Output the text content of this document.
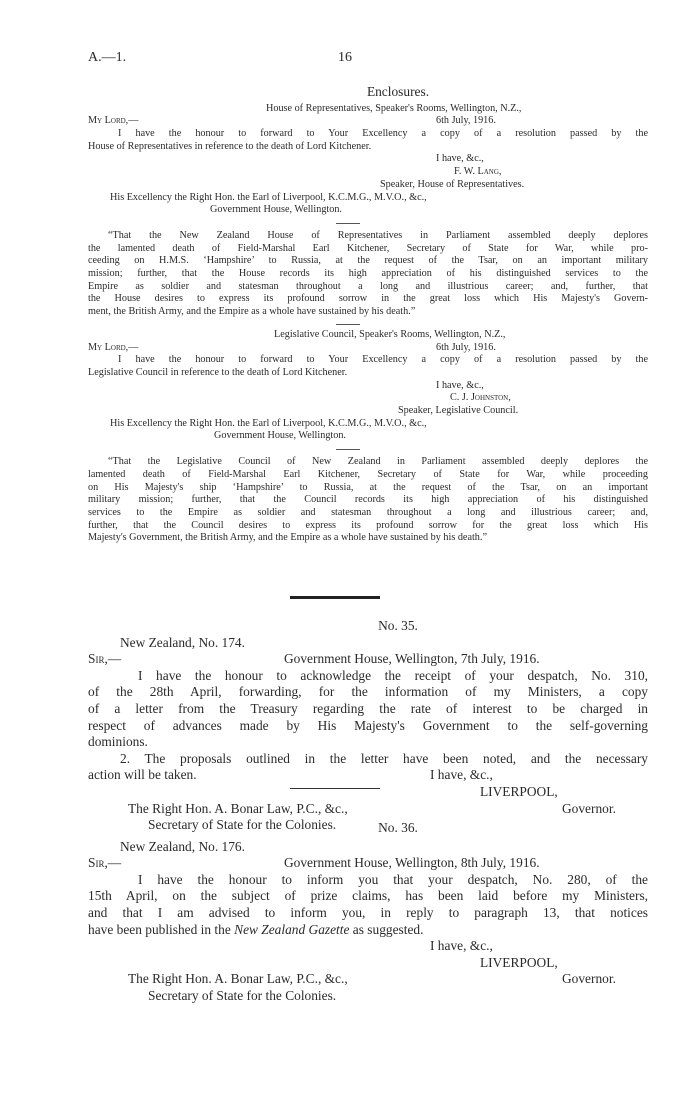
A.—1.	16
Enclosures.
House of Representatives, Speaker's Rooms, Wellington, N.Z.,
My Lord,—	6th July, 1916.
I have the honour to forward to Your Excellency a copy of a resolution passed by the
House of Representatives in reference to the death of Lord Kitchener.
I have, &c.,
F. W. Lang,
Speaker, House of Representatives.
His Excellency the Right Hon. the Earl of Liverpool, K.C.M.G., M.V.O., &c.,
Government House, Wellington.
“That the New Zealand House of Representatives in Parliament assembled deeply deplores
the lamented death of Field-Marshal Earl Kitchener, Secretary of State for War, while pro-
ceeding on H.M.S. ‘Hampshire’ to Russia, at the request of the Tsar, on an important military
mission; further, that the House records its high appreciation of his distinguished services to the
Empire as soldier and statesman throughout a long and illustrious career; and, further, that
the House desires to express its profound sorrow in the great loss which His Majesty's Govern-
ment, the British Army, and the Empire as a whole have sustained by his death.”
Legislative Council, Speaker's Rooms, Wellington, N.Z.,
My Lord,—	6th July, 1916.
I have the honour to forward to Your Excellency a copy of a resolution passed by the
Legislative Council in reference to the death of Lord Kitchener.
I have, &c.,
C. J. Johnston,
Speaker, Legislative Council.
His Excellency the Right Hon. the Earl of Liverpool, K.C.M.G., M.V.O., &c.,
Government House, Wellington.
“That the Legislative Council of New Zealand in Parliament assembled deeply deplores the
lamented death of Field-Marshal Earl Kitchener, Secretary of State for War, while proceeding
on His Majesty's ship ‘Hampshire’ to Russia, at the request of the Tsar, on an important
military mission; further, that the Council records its high appreciation of his distinguished
services to the Empire as soldier and statesman throughout a long and illustrious career; and,
further, that the Council desires to express its profound sorrow for the great loss which His
Majesty's Government, the British Army, and the Empire as a whole have sustained by his death.”
No. 35.
New Zealand, No. 174.
Sir,—	Government House, Wellington, 7th July, 1916.
I have the honour to acknowledge the receipt of your despatch, No. 310,
of the 28th April, forwarding, for the information of my Ministers, a copy
of a letter from the Treasury regarding the rate of interest to be charged in
respect of advances made by His Majesty's Government to the self-governing
dominions.
2. The proposals outlined in the letter have been noted, and the necessary
action will be taken.	I have, &c.,
LIVERPOOL,
The Right Hon. A. Bonar Law, P.C., &c.,	Governor.
Secretary of State for the Colonies.	No. 36.
New Zealand, No. 176.
Sir,—	Government House, Wellington, 8th July, 1916.
I have the honour to inform you that your despatch, No. 280, of the
15th April, on the subject of prize claims, has been laid before my Ministers,
and that I am advised to inform you, in reply to paragraph 13, that notices
have been published in the New Zealand Gazette as suggested.
I have, &c.,
LIVERPOOL,
The Right Hon. A. Bonar Law, P.C., &c.,	Governor.
Secretary of State for the Colonies.
